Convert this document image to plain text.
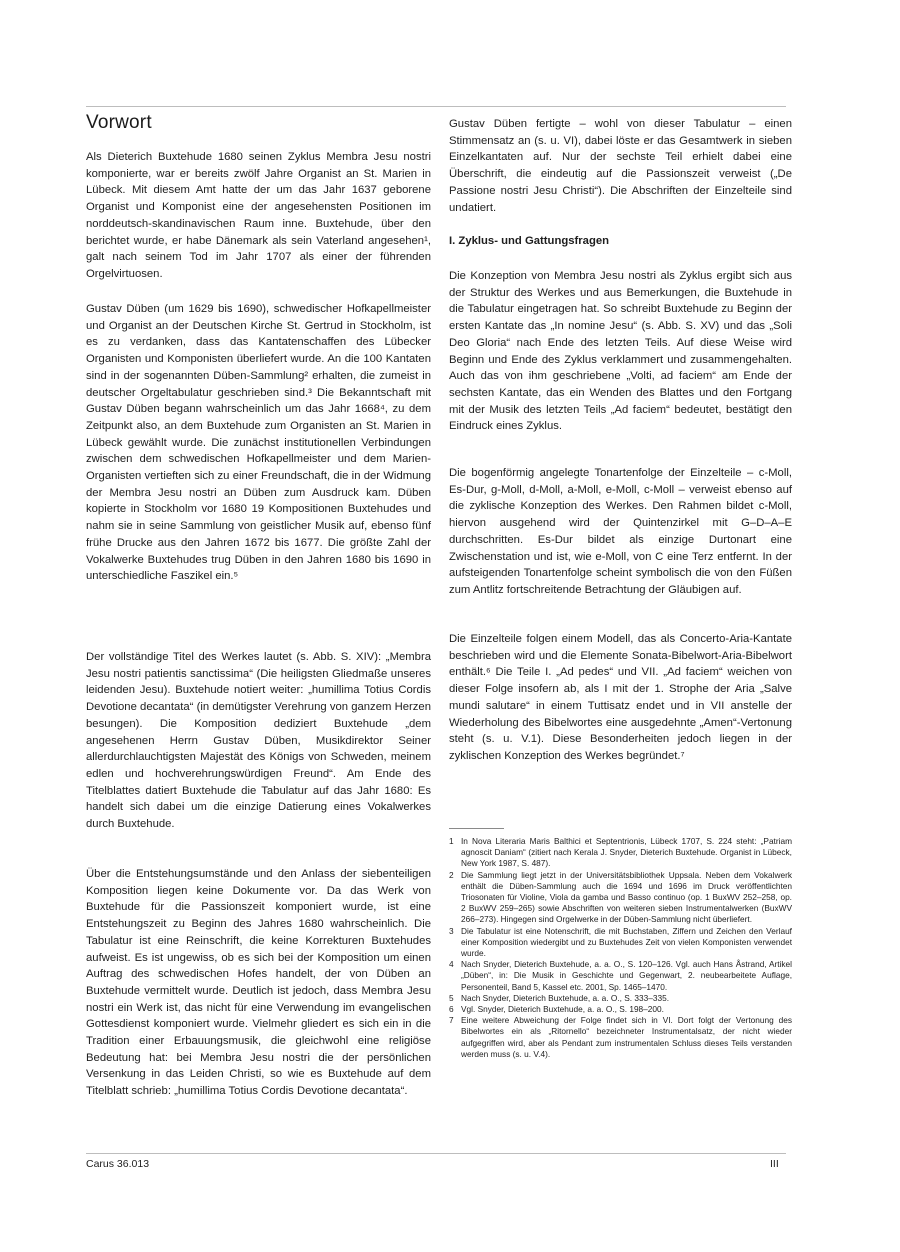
Vorwort

Als Dieterich Buxtehude 1680 seinen Zyklus Membra Jesu nostri komponierte, war er bereits zwölf Jahre Organist an St. Marien in Lübeck. Mit diesem Amt hatte der um das Jahr 1637 geborene Organist und Komponist eine der angesehensten Positionen im norddeutsch-skandinavischen Raum inne. Buxtehude, über den berichtet wurde, er habe Dänemark als sein Vaterland angesehen¹, galt nach seinem Tod im Jahr 1707 als einer der führenden Orgelvirtuosen.

Gustav Düben (um 1629 bis 1690), schwedischer Hofkapellmeister und Organist an der Deutschen Kirche St. Gertrud in Stockholm, ist es zu verdanken, dass das Kantatenschaffen des Lübecker Organisten und Komponisten überliefert wurde. An die 100 Kantaten sind in der sogenannten Düben-Sammlung² erhalten, die zumeist in deutscher Orgeltabulatur geschrieben sind.³ Die Bekanntschaft mit Gustav Düben begann wahrscheinlich um das Jahr 1668⁴, zu dem Zeitpunkt also, an dem Buxtehude zum Organisten an St. Marien in Lübeck gewählt wurde. Die zunächst institutionellen Verbindungen zwischen dem schwedischen Hofkapellmeister und dem Marien-Organisten vertieften sich zu einer Freundschaft, die in der Widmung der Membra Jesu nostri an Düben zum Ausdruck kam. Düben kopierte in Stockholm vor 1680 19 Kompositionen Buxtehudes und nahm sie in seine Sammlung von geistlicher Musik auf, ebenso fünf frühe Drucke aus den Jahren 1672 bis 1677. Die größte Zahl der Vokalwerke Buxtehudes trug Düben in den Jahren 1680 bis 1690 in unterschiedliche Faszikel ein.⁵

Der vollständige Titel des Werkes lautet (s. Abb. S. XIV): „Membra Jesu nostri patientis sanctissima“ (Die heiligsten Gliedmaße unseres leidenden Jesu). Buxtehude notiert weiter: „humillima Totius Cordis Devotione decantata“ (in demütigster Verehrung von ganzem Herzen besungen). Die Komposition dediziert Buxtehude „dem angesehenen Herrn Gustav Düben, Musikdirektor Seiner allerdurchlauchtigsten Majestät des Königs von Schweden, meinem edlen und hochverehrungswürdigen Freund“. Am Ende des Titelblattes datiert Buxtehude die Tabulatur auf das Jahr 1680: Es handelt sich dabei um die einzige Datierung eines Vokalwerkes durch Buxtehude.

Über die Entstehungsumstände und den Anlass der siebenteiligen Komposition liegen keine Dokumente vor. Da das Werk von Buxtehude für die Passionszeit komponiert wurde, ist eine Entstehungszeit zu Beginn des Jahres 1680 wahrscheinlich. Die Tabulatur ist eine Reinschrift, die keine Korrekturen Buxtehudes aufweist. Es ist ungewiss, ob es sich bei der Komposition um einen Auftrag des schwedischen Hofes handelt, der von Düben an Buxtehude vermittelt wurde. Deutlich ist jedoch, dass Membra Jesu nostri ein Werk ist, das nicht für eine Verwendung im evangelischen Gottesdienst komponiert wurde. Vielmehr gliedert es sich ein in die Tradition einer Erbauungsmusik, die gleichwohl eine religiöse Bedeutung hat: bei Membra Jesu nostri die der persönlichen Versenkung in das Leiden Christi, so wie es Buxtehude auf dem Titelblatt schrieb: „humillima Totius Cordis Devotione decantata“.

Gustav Düben fertigte – wohl von dieser Tabulatur – einen Stimmensatz an (s. u. VI), dabei löste er das Gesamtwerk in sieben Einzelkantaten auf. Nur der sechste Teil erhielt dabei eine Überschrift, die eindeutig auf die Passionszeit verweist („De Passione nostri Jesu Christi“). Die Abschriften der Einzelteile sind undatiert.

I. Zyklus- und Gattungsfragen

Die Konzeption von Membra Jesu nostri als Zyklus ergibt sich aus der Struktur des Werkes und aus Bemerkungen, die Buxtehude in die Tabulatur eingetragen hat. So schreibt Buxtehude zu Beginn der ersten Kantate das „In nomine Jesu“ (s. Abb. S. XV) und das „Soli Deo Gloria“ nach Ende des letzten Teils. Auf diese Weise wird Beginn und Ende des Zyklus verklammert und zusammengehalten. Auch das von ihm geschriebene „Volti, ad faciem“ am Ende der sechsten Kantate, das ein Wenden des Blattes und den Fortgang mit der Musik des letzten Teils „Ad faciem“ bedeutet, bestätigt den Eindruck eines Zyklus.

Die bogenförmig angelegte Tonartenfolge der Einzelteile – c-Moll, Es-Dur, g-Moll, d-Moll, a-Moll, e-Moll, c-Moll – verweist ebenso auf die zyklische Konzeption des Werkes. Den Rahmen bildet c-Moll, hiervon ausgehend wird der Quintenzirkel mit G–D–A–E durchschritten. Es-Dur bildet als einzige Durtonart eine Zwischenstation und ist, wie e-Moll, von C eine Terz entfernt. In der aufsteigenden Tonartenfolge scheint symbolisch die von den Füßen zum Antlitz fortschreitende Betrachtung der Gläubigen auf.

Die Einzelteile folgen einem Modell, das als Concerto-Aria-Kantate beschrieben wird und die Elemente Sonata-Bibelwort-Aria-Bibelwort enthält.⁶ Die Teile I. „Ad pedes“ und VII. „Ad faciem“ weichen von dieser Folge insofern ab, als I mit der 1. Strophe der Aria „Salve mundi salutare“ in einem Tuttisatz endet und in VII anstelle der Wiederholung des Bibelwortes eine ausgedehnte „Amen“-Vertonung steht (s. u. V.1). Diese Besonderheiten jedoch liegen in der zyklischen Konzeption des Werkes begründet.⁷

1 In Nova Literaria Maris Balthici et Septentrionis, Lübeck 1707, S. 224 steht: „Patriam agnoscit Daniam“ (zitiert nach Kerala J. Snyder, Dieterich Buxtehude. Organist in Lübeck, New York 1987, S. 487).
2 Die Sammlung liegt jetzt in der Universitätsbibliothek Uppsala. Neben dem Vokalwerk enthält die Düben-Sammlung auch die 1694 und 1696 im Druck veröffentlichten Triosonaten für Violine, Viola da gamba und Basso continuo (op. 1 BuxWV 252–258, op. 2 BuxWV 259–265) sowie Abschriften von weiteren sieben Instrumentalwerken (BuxWV 266–273). Hingegen sind Orgelwerke in der Düben-Sammlung nicht überliefert.
3 Die Tabulatur ist eine Notenschrift, die mit Buchstaben, Ziffern und Zeichen den Verlauf einer Komposition wiedergibt und zu Buxtehudes Zeit von vielen Komponisten verwendet wurde.
4 Nach Snyder, Dieterich Buxtehude, a. a. O., S. 120–126. Vgl. auch Hans Åstrand, Artikel „Düben“, in: Die Musik in Geschichte und Gegenwart, 2. neubearbeitete Auflage, Personenteil, Band 5, Kassel etc. 2001, Sp. 1465–1470.
5 Nach Snyder, Dieterich Buxtehude, a. a. O., S. 333–335.
6 Vgl. Snyder, Dieterich Buxtehude, a. a. O., S. 198–200.
7 Eine weitere Abweichung der Folge findet sich in VI. Dort folgt der Vertonung des Bibelwortes ein als „Ritornello“ bezeichneter Instrumentalsatz, der nicht wieder aufgegriffen wird, aber als Pendant zum instrumentalen Schluss dieses Teils verstanden werden muss (s. u. V.4).
Carus 36.013	III
